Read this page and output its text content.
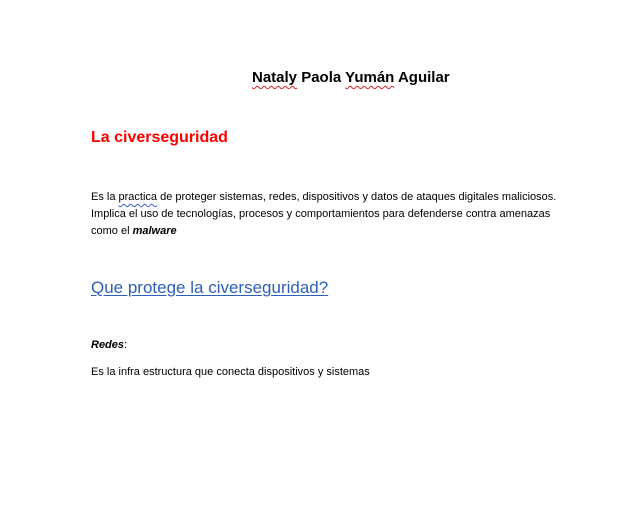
Nataly Paola Yumán Aguilar
La civerseguridad
Es la practica de proteger sistemas, redes, dispositivos y datos de ataques digitales maliciosos.
Implica el uso de tecnologías, procesos y comportamientos para defenderse contra amenazas
como el malware
Que protege la civerseguridad?
Redes:
Es la infra estructura que conecta dispositivos y sistemas
